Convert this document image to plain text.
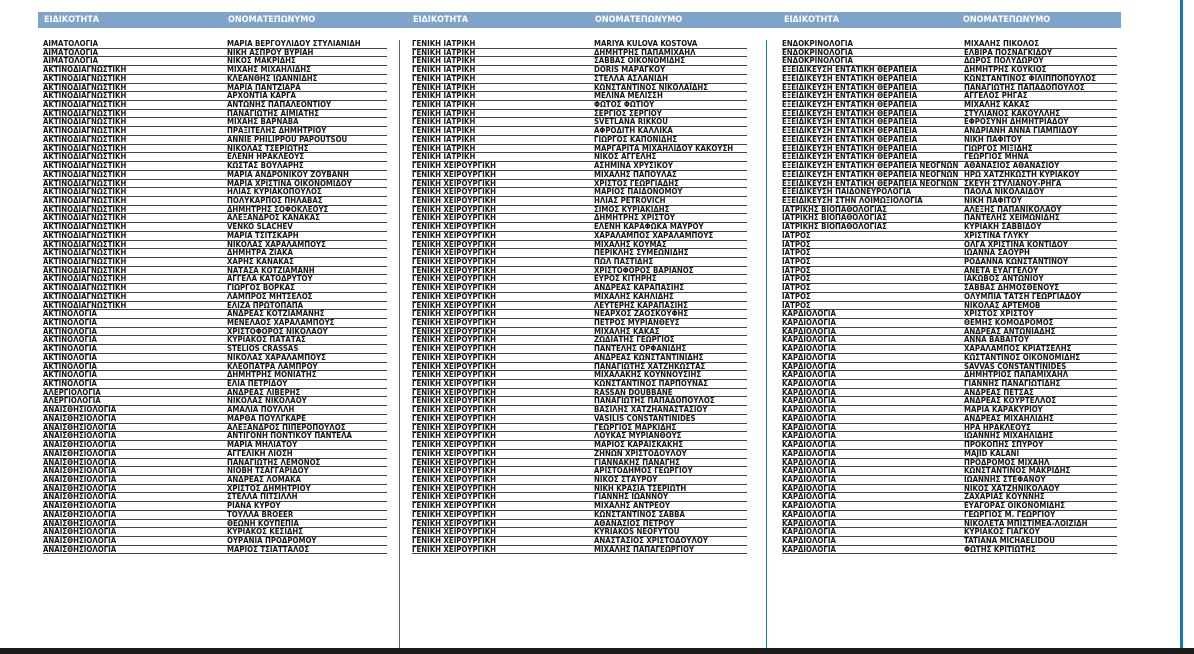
ΕΙΔΙΚΟΤΗΤΑ	ΟΝΟΜΑΤΕΠΩΝΥΜΟ	ΕΙΔΙΚΟΤΗΤΑ	ΟΝΟΜΑΤΕΠΩΝΥΜΟ	ΕΙΔΙΚΟΤΗΤΑ	ΟΝΟΜΑΤΕΠΩΝΥΜΟ
ΑΙΜΑΤΟΛΟΓΙΑ	ΜΑΡΙΑ ΒΕΡΓΟΥΛΙΔΟΥ ΣΤΥΛΙΑΝΙΔΗ
ΑΙΜΑΤΟΛΟΓΙΑ	ΝΙΚΗ ΑΣΠΡΟΥ ΒΥΡΙΑΗ
ΑΙΜΑΤΟΛΟΓΙΑ	ΝΙΚΟΣ ΜΑΚΡΙΔΗΣ
ΑΚΤΙΝΟΔΙΑΓΝΩΣΤΙΚΗ	ΜΙΧΑΗΣ ΜΙΧΑΗΛΙΔΗΣ
ΑΚΤΙΝΟΔΙΑΓΝΩΣΤΙΚΗ	ΚΛΕΑΝΘΗΣ ΙΩΑΝΝΙΔΗΣ
ΑΚΤΙΝΟΔΙΑΓΝΩΣΤΙΚΗ	ΜΑΡΙΑ ΠΑΝΤΖΙΑΡΑ
ΑΚΤΙΝΟΔΙΑΓΝΩΣΤΙΚΗ	ΑΡΧΟΝΤΙΑ ΚΑΡΓΑ
ΑΚΤΙΝΟΔΙΑΓΝΩΣΤΙΚΗ	ΑΝΤΩΝΗΣ ΠΑΠΑΛΕΟΝΤΙΟΥ
ΑΚΤΙΝΟΔΙΑΓΝΩΣΤΙΚΗ	ΠΑΝΑΓΙΩΤΗΣ ΑΙΜΙΑΤΗΣ
ΑΚΤΙΝΟΔΙΑΓΝΩΣΤΙΚΗ	ΜΙΧΑΗΣ ΒΑΡΝΑΒΑ
ΑΚΤΙΝΟΔΙΑΓΝΩΣΤΙΚΗ	ΠΡΑΞΙΤΕΛΗΣ ΔΗΜΗΤΡΙΟΥ
ΑΚΤΙΝΟΔΙΑΓΝΩΣΤΙΚΗ	ANNIE PHILIPPOU PAPOUTSOU
ΑΚΤΙΝΟΔΙΑΓΝΩΣΤΙΚΗ	ΝΙΚΟΛΑΣ ΤΣΕΡΙΩΤΗΣ
ΑΚΤΙΝΟΔΙΑΓΝΩΣΤΙΚΗ	ΕΛΕΝΗ ΗΡΑΚΛΕΟΥΣ
ΑΚΤΙΝΟΔΙΑΓΝΩΣΤΙΚΗ	ΚΩΣΤΑΣ ΒΟΥΛΑΡΗΣ
ΑΚΤΙΝΟΔΙΑΓΝΩΣΤΙΚΗ	ΜΑΡΙΑ ΑΝΔΡΟΝΙΚΟΥ ΖΟΥΒΑΝΗ
ΑΚΤΙΝΟΔΙΑΓΝΩΣΤΙΚΗ	ΜΑΡΙΑ ΧΡΙΣΤΙΝΑ ΟΙΚΟΝΟΜΙΔΟΥ
ΑΚΤΙΝΟΔΙΑΓΝΩΣΤΙΚΗ	ΗΛΙΑΣ ΚΥΡΙΑΚΟΠΟΥΛΟΣ
ΑΚΤΙΝΟΔΙΑΓΝΩΣΤΙΚΗ	ΠΟΛΥΚΑΡΠΟΣ ΠΗΛΑΒΑΣ
ΑΚΤΙΝΟΔΙΑΓΝΩΣΤΙΚΗ	ΔΗΜΗΤΡΗΣ ΣΟΦΟΚΛΕΟΥΣ
ΑΚΤΙΝΟΔΙΑΓΝΩΣΤΙΚΗ	ΑΛΕΞΑΝΔΡΟΣ ΚΑΝΑΚΑΣ
ΑΚΤΙΝΟΔΙΑΓΝΩΣΤΙΚΗ	VENKO SLACHEV
ΑΚΤΙΝΟΔΙΑΓΝΩΣΤΙΚΗ	ΜΑΡΙΑ ΤΣΙΤΣΚΑΡΗ
ΑΚΤΙΝΟΔΙΑΓΝΩΣΤΙΚΗ	ΝΙΚΟΛΑΣ ΧΑΡΑΛΑΜΠΟΥΣ
ΑΚΤΙΝΟΔΙΑΓΝΩΣΤΙΚΗ	ΔΗΜΗΤΡΑ ΖΙΑΚΑ
ΑΚΤΙΝΟΔΙΑΓΝΩΣΤΙΚΗ	ΧΑΡΗΣ ΚΑΝΑΚΑΣ
ΑΚΤΙΝΟΔΙΑΓΝΩΣΤΙΚΗ	ΝΑΤΑΣΑ ΚΟΤΖΙΑΜΑΝΗ
ΑΚΤΙΝΟΔΙΑΓΝΩΣΤΙΚΗ	ΑΓΓΕΛΑ ΚΑΤΟΔΡΥΤΟΥ
ΑΚΤΙΝΟΔΙΑΓΝΩΣΤΙΚΗ	ΓΙΩΡΓΟΣ ΒΟΡΚΑΣ
ΑΚΤΙΝΟΔΙΑΓΝΩΣΤΙΚΗ	ΛΑΜΠΡΟΣ ΜΗΤΣΕΛΟΣ
ΑΚΤΙΝΟΔΙΑΓΝΩΣΤΙΚΗ	ΕΛΙΖΑ ΠΡΩΤΟΠΑΠΑ
ΑΚΤΙΝΟΛΟΓΙΑ	ΑΝΔΡΕΑΣ ΚΟΤΖΙΑΜΑΝΗΣ
ΑΚΤΙΝΟΛΟΓΙΑ	ΜΕΝΕΛΑΟΣ ΧΑΡΑΛΑΜΠΟΥΣ
ΑΚΤΙΝΟΛΟΓΙΑ	ΧΡΙΣΤΟΦΟΡΟΣ ΝΙΚΟΛΑΟΥ
ΑΚΤΙΝΟΛΟΓΙΑ	ΚΥΡΙΑΚΟΣ ΠΑΤΑΤΑΣ
ΑΚΤΙΝΟΛΟΓΙΑ	STELIOS CRASSAS
ΑΚΤΙΝΟΛΟΓΙΑ	ΝΙΚΟΛΑΣ ΧΑΡΑΛΑΜΠΟΥΣ
ΑΚΤΙΝΟΛΟΓΙΑ	ΚΛΕΟΠΑΤΡΑ ΛΑΜΠΡΟΥ
ΑΚΤΙΝΟΛΟΓΙΑ	ΔΗΜΗΤΡΗΣ ΜΟΝΙΑΤΗΣ
ΑΚΤΙΝΟΛΟΓΙΑ	ΕΛΙΑ ΠΕΤΡΙΔΟΥ
ΑΛΕΡΓΙΟΛΟΓΙΑ	ΑΝΔΡΕΑΣ ΛΙΒΕΡΗΣ
ΑΛΕΡΓΙΟΛΟΓΙΑ	ΝΙΚΟΛΑΣ ΝΙΚΟΛΑΟΥ
ΑΝΑΙΣΘΗΣΙΟΛΟΓΙΑ	ΑΜΑΛΙΑ ΠΟΥΛΛΗ
ΑΝΑΙΣΘΗΣΙΟΛΟΓΙΑ	ΜΑΡΘΑ ΠΟΥΛΓΚΑΡΕ
ΑΝΑΙΣΘΗΣΙΟΛΟΓΙΑ	ΑΛΕΞΑΝΔΡΟΣ ΠΙΠΕΡΟΠΟΥΛΟΣ
ΑΝΑΙΣΘΗΣΙΟΛΟΓΙΑ	ΑΝΤΙΓΟΝΗ ΠΟΝΤΙΚΟΥ ΠΑΝΤΕΛΑ
ΑΝΑΙΣΘΗΣΙΟΛΟΓΙΑ	ΜΑΡΙΑ ΜΗΛΙΑΤΟΥ
ΑΝΑΙΣΘΗΣΙΟΛΟΓΙΑ	ΑΓΓΕΛΙΚΗ ΛΙΟΣΗ
ΑΝΑΙΣΘΗΣΙΟΛΟΓΙΑ	ΠΑΝΑΓΙΩΤΗΣ ΛΕΜΟΝΟΣ
ΑΝΑΙΣΘΗΣΙΟΛΟΓΙΑ	ΝΙΟΒΗ ΤΣΑΓΓΑΡΙΔΟΥ
ΑΝΑΙΣΘΗΣΙΟΛΟΓΙΑ	ΑΝΔΡΕΑΣ ΛΟΜΑΚΑ
ΑΝΑΙΣΘΗΣΙΟΛΟΓΙΑ	ΧΡΙΣΤΟΣ ΔΗΜΗΤΡΙΟΥ
ΑΝΑΙΣΘΗΣΙΟΛΟΓΙΑ	ΣΤΕΛΛΑ ΠΙΤΣΙΛΛΗ
ΑΝΑΙΣΘΗΣΙΟΛΟΓΙΑ	ΡΙΑΝΑ ΚΥΡΟΥ
ΑΝΑΙΣΘΗΣΙΟΛΟΓΙΑ	ΤΟΥΛΛΑ BROEER
ΑΝΑΙΣΘΗΣΙΟΛΟΓΙΑ	ΘΕΩΝΗ ΚΟΥΠΕΠΙΑ
ΑΝΑΙΣΘΗΣΙΟΛΟΓΙΑ	ΚΥΡΙΑΚΟΣ ΚΕΣΙΔΗΣ
ΑΝΑΙΣΘΗΣΙΟΛΟΓΙΑ	ΟΥΡΑΝΙΑ ΠΡΟΔΡΟΜΟΥ
ΑΝΑΙΣΘΗΣΙΟΛΟΓΙΑ	ΜΑΡΙΟΣ ΤΣΙΑΤΤΑΛΟΣ
ΓΕΝΙΚΗ ΙΑΤΡΙΚΗ	MARIYA KULOVA KOSTOVA
ΓΕΝΙΚΗ ΙΑΤΡΙΚΗ	ΔΗΜΗΤΡΗΣ ΠΑΠΑΜΙΧΑΗΛ
ΓΕΝΙΚΗ ΙΑΤΡΙΚΗ	ΣΑΒΒΑΣ ΟΙΚΟΝΟΜΙΔΗΣ
ΓΕΝΙΚΗ ΙΑΤΡΙΚΗ	DORIS ΜΑΡΑΓΚΟΥ
ΓΕΝΙΚΗ ΙΑΤΡΙΚΗ	ΣΤΕΛΛΑ ΑΣΛΑΝΙΔΗ
ΓΕΝΙΚΗ ΙΑΤΡΙΚΗ	ΚΩΝΣΤΑΝΤΙΝΟΣ ΝΙΚΟΛΑΪΔΗΣ
ΓΕΝΙΚΗ ΙΑΤΡΙΚΗ	ΜΕΛΙΝΑ ΜΕΛΙΣΣΗ
ΓΕΝΙΚΗ ΙΑΤΡΙΚΗ	ΦΩΤΟΣ ΦΩΤΙΟΥ
ΓΕΝΙΚΗ ΙΑΤΡΙΚΗ	ΣΕΡΓΙΟΣ ΣΕΡΓΙΟΥ
ΓΕΝΙΚΗ ΙΑΤΡΙΚΗ	SVETLANA RIKKOU
ΓΕΝΙΚΗ ΙΑΤΡΙΚΗ	ΑΦΡΟΔΙΤΗ ΚΑΛΛΙΚΑ
ΓΕΝΙΚΗ ΙΑΤΡΙΚΗ	ΓΙΩΡΓΟΣ ΚΑΠΟΝΙΔΗΣ
ΓΕΝΙΚΗ ΙΑΤΡΙΚΗ	ΜΑΡΓΑΡΙΤΑ ΜΙΧΑΗΛΙΔΟΥ ΚΑΚΟΥΣΗ
ΓΕΝΙΚΗ ΙΑΤΡΙΚΗ	ΝΙΚΟΣ ΑΓΓΕΛΗΣ
ΓΕΝΙΚΗ ΧΕΙΡΟΥΡΓΙΚΗ	ΑΣΗΜΙΝΑ ΧΡΥΣΙΚΟΥ
ΓΕΝΙΚΗ ΧΕΙΡΟΥΡΓΙΚΗ	ΜΙΧΑΛΗΣ ΠΑΠΟΥΛΑΣ
ΓΕΝΙΚΗ ΧΕΙΡΟΥΡΓΙΚΗ	ΧΡΙΣΤΟΣ ΓΕΩΡΓΙΑΔΗΣ
ΓΕΝΙΚΗ ΧΕΙΡΟΥΡΓΙΚΗ	ΜΑΡΙΟΣ ΠΑΙΔΟΝΟΜΟΥ
ΓΕΝΙΚΗ ΧΕΙΡΟΥΡΓΙΚΗ	ΗΛΙΑΣ PETROVICH
ΓΕΝΙΚΗ ΧΕΙΡΟΥΡΓΙΚΗ	ΣΙΜΟΣ ΚΥΡΙΑΚΙΔΗΣ
ΓΕΝΙΚΗ ΧΕΙΡΟΥΡΓΙΚΗ	ΔΗΜΗΤΡΗΣ ΧΡΙΣΤΟΥ
ΓΕΝΙΚΗ ΧΕΙΡΟΥΡΓΙΚΗ	ΕΛΕΝΗ ΚΑΡΑΦΩΚΑ ΜΑΥΡΟΥ
ΓΕΝΙΚΗ ΧΕΙΡΟΥΡΓΙΚΗ	ΧΑΡΑΛΑΜΠΟΣ ΧΑΡΑΛΑΜΠΟΥΣ
ΓΕΝΙΚΗ ΧΕΙΡΟΥΡΓΙΚΗ	ΜΙΧΑΛΗΣ ΚΟΥΜΑΣ
ΓΕΝΙΚΗ ΧΕΙΡΟΥΡΓΙΚΗ	ΠΕΡΙΚΛΗΣ ΣΥΜΕΩΝΙΔΗΣ
ΓΕΝΙΚΗ ΧΕΙΡΟΥΡΓΙΚΗ	ΠΩΛ ΠΑΣΤΙΔΗΣ
ΓΕΝΙΚΗ ΧΕΙΡΟΥΡΓΙΚΗ	ΧΡΙΣΤΟΦΟΡΟΣ ΒΑΡΙΑΝΟΣ
ΓΕΝΙΚΗ ΧΕΙΡΟΥΡΓΙΚΗ	ΕΥΡΟΣ ΚΙΤΗΡΗΣ
ΓΕΝΙΚΗ ΧΕΙΡΟΥΡΓΙΚΗ	ΑΝΔΡΕΑΣ ΚΑΡΑΠΑΣΙΗΣ
ΓΕΝΙΚΗ ΧΕΙΡΟΥΡΓΙΚΗ	ΜΙΧΑΛΗΣ ΚΑΗΛΙΔΗΣ
ΓΕΝΙΚΗ ΧΕΙΡΟΥΡΓΙΚΗ	ΛΕΥΤΕΡΗΣ ΚΑΡΑΠΑΣΙΗΣ
ΓΕΝΙΚΗ ΧΕΙΡΟΥΡΓΙΚΗ	ΝΕΑΡΧΟΣ ΖΑΟΣΚΟΥΦΗΣ
ΓΕΝΙΚΗ ΧΕΙΡΟΥΡΓΙΚΗ	ΠΕΤΡΟΣ ΜΥΡΙΑΝΘΕΥΣ
ΓΕΝΙΚΗ ΧΕΙΡΟΥΡΓΙΚΗ	ΜΙΧΑΛΗΣ ΚΑΚΑΣ
ΓΕΝΙΚΗ ΧΕΙΡΟΥΡΓΙΚΗ	ΖΩΔΙΑΤΗΣ ΓΕΩΡΓΙΟΣ
ΓΕΝΙΚΗ ΧΕΙΡΟΥΡΓΙΚΗ	ΠΑΝΤΕΛΗΣ ΟΡΦΑΝΙΔΗΣ
ΓΕΝΙΚΗ ΧΕΙΡΟΥΡΓΙΚΗ	ΑΝΔΡΕΑΣ ΚΩΝΣΤΑΝΤΙΝΙΔΗΣ
ΓΕΝΙΚΗ ΧΕΙΡΟΥΡΓΙΚΗ	ΠΑΝΑΓΙΩΤΗΣ ΧΑΤΖΗΚΩΣΤΑΣ
ΓΕΝΙΚΗ ΧΕΙΡΟΥΡΓΙΚΗ	ΜΙΧΑΛΑΚΗΣ ΚΟΥΝΝΟΥΣΙΗΣ
ΓΕΝΙΚΗ ΧΕΙΡΟΥΡΓΙΚΗ	ΚΩΝΣΤΑΝΤΙΝΟΣ ΠΑΡΠΟΥΝΑΣ
ΓΕΝΙΚΗ ΧΕΙΡΟΥΡΓΙΚΗ	RASSAN DOUBBANE
ΓΕΝΙΚΗ ΧΕΙΡΟΥΡΓΙΚΗ	ΠΑΝΑΓΙΩΤΗΣ ΠΑΠΑΔΟΠΟΥΛΟΣ
ΓΕΝΙΚΗ ΧΕΙΡΟΥΡΓΙΚΗ	ΒΑΣΙΛΗΣ ΧΑΤΖΗΑΝΑΣΤΑΣΙΟΥ
ΓΕΝΙΚΗ ΧΕΙΡΟΥΡΓΙΚΗ	VASILIS CONSTANTINIDES
ΓΕΝΙΚΗ ΧΕΙΡΟΥΡΓΙΚΗ	ΓΕΩΡΓΙΟΣ ΜΑΡΚΙΔΗΣ
ΓΕΝΙΚΗ ΧΕΙΡΟΥΡΓΙΚΗ	ΛΟΥΚΑΣ ΜΥΡΙΑΝΘΟΥΣ
ΓΕΝΙΚΗ ΧΕΙΡΟΥΡΓΙΚΗ	ΜΑΡΙΟΣ ΚΑΡΑΙΣΚΑΚΗΣ
ΓΕΝΙΚΗ ΧΕΙΡΟΥΡΓΙΚΗ	ΖΗΝΩΝ ΧΡΙΣΤΟΔΟΥΛΟΥ
ΓΕΝΙΚΗ ΧΕΙΡΟΥΡΓΙΚΗ	ΓΙΑΝΝΑΚΗΣ ΠΑΝΑΓΗΣ
ΓΕΝΙΚΗ ΧΕΙΡΟΥΡΓΙΚΗ	ΑΡΙΣΤΟΔΗΜΟΣ ΓΕΩΡΓΙΟΥ
ΓΕΝΙΚΗ ΧΕΙΡΟΥΡΓΙΚΗ	ΝΙΚΟΣ ΣΤΑΥΡΟΥ
ΓΕΝΙΚΗ ΧΕΙΡΟΥΡΓΙΚΗ	ΝΙΚΗ ΚΡΑΣΙΑ ΤΣΕΡΙΩΤΗ
ΓΕΝΙΚΗ ΧΕΙΡΟΥΡΓΙΚΗ	ΓΙΑΝΝΗΣ ΙΩΑΝΝΟΥ
ΓΕΝΙΚΗ ΧΕΙΡΟΥΡΓΙΚΗ	ΜΙΧΑΛΗΣ ΑΝΤΡΕΟΥ
ΓΕΝΙΚΗ ΧΕΙΡΟΥΡΓΙΚΗ	ΚΩΝΣΤΑΝΤΙΝΟΣ ΣΑΒΒΑ
ΓΕΝΙΚΗ ΧΕΙΡΟΥΡΓΙΚΗ	ΑΘΑΝΑΣΙΟΣ ΠΕΤΡΟΥ
ΓΕΝΙΚΗ ΧΕΙΡΟΥΡΓΙΚΗ	KYRIAKOS NEOFYTOU
ΓΕΝΙΚΗ ΧΕΙΡΟΥΡΓΙΚΗ	ΑΝΑΣΤΑΣΙΟΣ ΧΡΙΣΤΟΔΟΥΛΟΥ
ΓΕΝΙΚΗ ΧΕΙΡΟΥΡΓΙΚΗ	ΜΙΧΑΛΗΣ ΠΑΠΑΓΕΩΡΓΙΟΥ
ΕΝΔΟΚΡΙΝΟΛΟΓΙΑ	ΜΙΧΑΛΗΣ ΠΙΚΟΛΟΣ
ΕΝΔΟΚΡΙΝΟΛΟΓΙΑ	ΕΛΒΙΡΑ ΠΟΣΝΑΓΚΙΔΟΥ
ΕΝΔΟΚΡΙΝΟΛΟΓΙΑ	ΔΩΡΟΣ ΠΟΛΥΔΩΡΟΥ
ΕΞΕΙΔΙΚΕΥΣΗ ΕΝΤΑΤΙΚΗ ΘΕΡΑΠΕΙΑ	ΔΗΜΗΤΡΗΣ ΚΟΥΚΙΟΣ
ΕΞΕΙΔΙΚΕΥΣΗ ΕΝΤΑΤΙΚΗ ΘΕΡΑΠΕΙΑ	ΚΩΝΣΤΑΝΤΙΝΟΣ ΦΙΛΙΠΠΟΠΟΥΛΟΣ
ΕΞΕΙΔΙΚΕΥΣΗ ΕΝΤΑΤΙΚΗ ΘΕΡΑΠΕΙΑ	ΠΑΝΑΓΙΩΤΗΣ ΠΑΠΑΔΟΠΟΥΛΟΣ
ΕΞΕΙΔΙΚΕΥΣΗ ΕΝΤΑΤΙΚΗ ΘΕΡΑΠΕΙΑ	ΑΓΓΕΛΟΣ ΡΗΓΑΣ
ΕΞΕΙΔΙΚΕΥΣΗ ΕΝΤΑΤΙΚΗ ΘΕΡΑΠΕΙΑ	ΜΙΧΑΛΗΣ ΚΑΚΑΣ
ΕΞΕΙΔΙΚΕΥΣΗ ΕΝΤΑΤΙΚΗ ΘΕΡΑΠΕΙΑ	ΣΤΥΛΙΑΝΟΣ ΚΑΚΟΥΛΛΗΣ
ΕΞΕΙΔΙΚΕΥΣΗ ΕΝΤΑΤΙΚΗ ΘΕΡΑΠΕΙΑ	ΕΦΡΟΣΥΝΗ ΔΗΜΗΤΡΙΑΔΟΥ
ΕΞΕΙΔΙΚΕΥΣΗ ΕΝΤΑΤΙΚΗ ΘΕΡΑΠΕΙΑ	ΑΝΔΡΙΑΝΗ ΑΝΝΑ ΓΙΑΜΠΙΔΟΥ
ΕΞΕΙΔΙΚΕΥΣΗ ΕΝΤΑΤΙΚΗ ΘΕΡΑΠΕΙΑ	ΝΙΚΗ ΠΑΦΙΤΟΥ
ΕΞΕΙΔΙΚΕΥΣΗ ΕΝΤΑΤΙΚΗ ΘΕΡΑΠΕΙΑ	ΓΙΩΡΓΟΣ ΜΙΞΙΔΗΣ
ΕΞΕΙΔΙΚΕΥΣΗ ΕΝΤΑΤΙΚΗ ΘΕΡΑΠΕΙΑ	ΓΕΩΡΓΙΟΣ ΜΗΝΑ
ΕΞΕΙΔΙΚΕΥΣΗ ΕΝΤΑΤΙΚΗ ΘΕΡΑΠΕΙΑ ΝΕΟΓΝΩΝ ΑΘΑΝΑΣΙΟΣ ΑΘΑΝΑΣΙΟΥ
ΕΞΕΙΔΙΚΕΥΣΗ ΕΝΤΑΤΙΚΗ ΘΕΡΑΠΕΙΑ ΝΕΟΓΝΩΝ ΗΡΩ ΧΑΤΖΗΚΩΣΤΗ ΚΥΡΙΑΚΟΥ
ΕΞΕΙΔΙΚΕΥΣΗ ΕΝΤΑΤΙΚΗ ΘΕΡΑΠΕΙΑ ΝΕΟΓΝΩΝ ΣΚΕΥΗ ΣΤΥΛΙΑΝΟΥ-ΡΗΓΑ
ΕΞΕΙΔΙΚΕΥΣΗ ΠΑΙΔΟΝΕΥΡΟΛΟΓΙΑ	ΠΑΟΛΑ ΝΙΚΟΛΑΙΔΟΥ
ΕΞΕΙΔΙΚΕΥΣΗ ΣΤΗΝ ΛΟΙΜΩΞΙΟΛΟΓΙΑ	ΝΙΚΗ ΠΑΦΙΤΟΥ
ΙΑΤΡΙΚΗΣ ΒΙΟΠΑΘΟΛΟΓΙΑΣ	ΑΛΕΞΗΣ ΠΑΠΑΝΙΚΟΛΑΟΥ
ΙΑΤΡΙΚΗΣ ΒΙΟΠΑΘΟΛΟΓΙΑΣ	ΠΑΝΤΕΛΗΣ ΧΕΙΜΩΝΙΔΗΣ
ΙΑΤΡΙΚΗΣ ΒΙΟΠΑΘΟΛΟΓΙΑΣ	ΚΥΡΙΑΚΗ ΣΑΒΒΙΔΟΥ
ΙΑΤΡΟΣ	ΧΡΙΣΤΙΝΑ ΓΛΥΚΥ
ΙΑΤΡΟΣ	ΟΛΓΑ ΧΡΙΣΤΙΝΑ ΚΟΝΤΙΔΟΥ
ΙΑΤΡΟΣ	ΙΩΑΝΝΑ ΣΑΟΥΡΗ
ΙΑΤΡΟΣ	ΡΟΔΑΝΝΑ ΚΩΝΣΤΑΝΤΙΝΟΥ
ΙΑΤΡΟΣ	ΑΝΕΤΑ ΕΥΑΓΓΕΛΟΥ
ΙΑΤΡΟΣ	ΙΑΚΩΒΟΣ ΑΝΤΩΝΙΟΥ
ΙΑΤΡΟΣ	ΣΑΒΒΑΣ ΔΗΜΟΣΘΕΝΟΥΣ
ΙΑΤΡΟΣ	ΟΛΥΜΠΙΑ ΤΑΤΣΗ ΓΕΩΡΓΙΑΔΟΥ
ΙΑΤΡΟΣ	ΝΙΚΟΛΑΣ ΑΡΤΕΜΟΒ
ΚΑΡΔΙΟΛΟΓΙΑ	ΧΡΙΣΤΟΣ ΧΡΙΣΤΟΥ
ΚΑΡΔΙΟΛΟΓΙΑ	ΘΕΜΗΣ ΚΟΜΟΔΡΟΜΟΣ
ΚΑΡΔΙΟΛΟΓΙΑ	ΑΝΔΡΕΑΣ ΑΝΤΩΝΙΑΔΗΣ
ΚΑΡΔΙΟΛΟΓΙΑ	ΑΝΝΑ ΒΑΒΑΙΤΟΥ
ΚΑΡΔΙΟΛΟΓΙΑ	ΧΑΡΑΛΑΜΠΟΣ ΚΡΙΑΤΣΕΛΗΣ
ΚΑΡΔΙΟΛΟΓΙΑ	ΚΩΣΤΑΝΤΙΝΟΣ ΟΙΚΟΝΟΜΙΔΗΣ
ΚΑΡΔΙΟΛΟΓΙΑ	SAVVAS CONSTANTINIDES
ΚΑΡΔΙΟΛΟΓΙΑ	ΔΗΜΗΤΡΙΟΣ ΠΑΠΑΜΙΧΑΗΛ
ΚΑΡΔΙΟΛΟΓΙΑ	ΓΙΑΝΝΗΣ ΠΑΝΑΓΙΩΤΙΔΗΣ
ΚΑΡΔΙΟΛΟΓΙΑ	ΑΝΔΡΕΑΣ ΠΕΤΣΑΣ
ΚΑΡΔΙΟΛΟΓΙΑ	ΑΝΔΡΕΑΣ ΚΟΥΡΤΕΛΛΟΣ
ΚΑΡΔΙΟΛΟΓΙΑ	ΜΑΡΙΑ ΚΑΡΑΚΥΡΙΟΥ
ΚΑΡΔΙΟΛΟΓΙΑ	ΑΝΔΡΕΑΣ ΜΙΧΑΗΛΙΔΗΣ
ΚΑΡΔΙΟΛΟΓΙΑ	ΗΡΑ ΗΡΑΚΛΕΟΥΣ
ΚΑΡΔΙΟΛΟΓΙΑ	ΙΩΑΝΝΗΣ ΜΙΧΑΗΛΙΔΗΣ
ΚΑΡΔΙΟΛΟΓΙΑ	ΠΡΟΚΟΠΗΣ ΣΠΥΡΟΥ
ΚΑΡΔΙΟΛΟΓΙΑ	MAJID KALANI
ΚΑΡΔΙΟΛΟΓΙΑ	ΠΡΟΔΡΟΜΟΣ ΜΙΧΑΗΛ
ΚΑΡΔΙΟΛΟΓΙΑ	ΚΩΝΣΤΑΝΤΙΝΟΣ ΜΑΚΡΙΔΗΣ
ΚΑΡΔΙΟΛΟΓΙΑ	ΙΩΑΝΝΗΣ ΣΤΕΦΑΝΟΥ
ΚΑΡΔΙΟΛΟΓΙΑ	ΝΙΚΟΣ ΧΑΤΖΗΝΙΚΟΛΑΟΥ
ΚΑΡΔΙΟΛΟΓΙΑ	ΖΑΧΑΡΙΑΣ ΚΟΥΝΝΗΣ
ΚΑΡΔΙΟΛΟΓΙΑ	ΕΥΑΓΟΡΑΣ ΟΙΚΟΝΟΜΙΔΗΣ
ΚΑΡΔΙΟΛΟΓΙΑ	ΓΕΩΡΓΙΟΣ Μ. ΓΕΩΡΓΙΟΥ
ΚΑΡΔΙΟΛΟΓΙΑ	ΝΙΚΟΛΕΤΑ ΜΠΙΣΤΙΜΕΑ-ΛΟΙΖΙΔΗ
ΚΑΡΔΙΟΛΟΓΙΑ	ΚΥΡΙΑΚΟΣ ΓΙΑΓΚΟΥ
ΚΑΡΔΙΟΛΟΓΙΑ	TATIANA MICHAELIDOU
ΚΑΡΔΙΟΛΟΓΙΑ	ΦΩΤΗΣ ΚΡΙΤΙΩΤΗΣ
